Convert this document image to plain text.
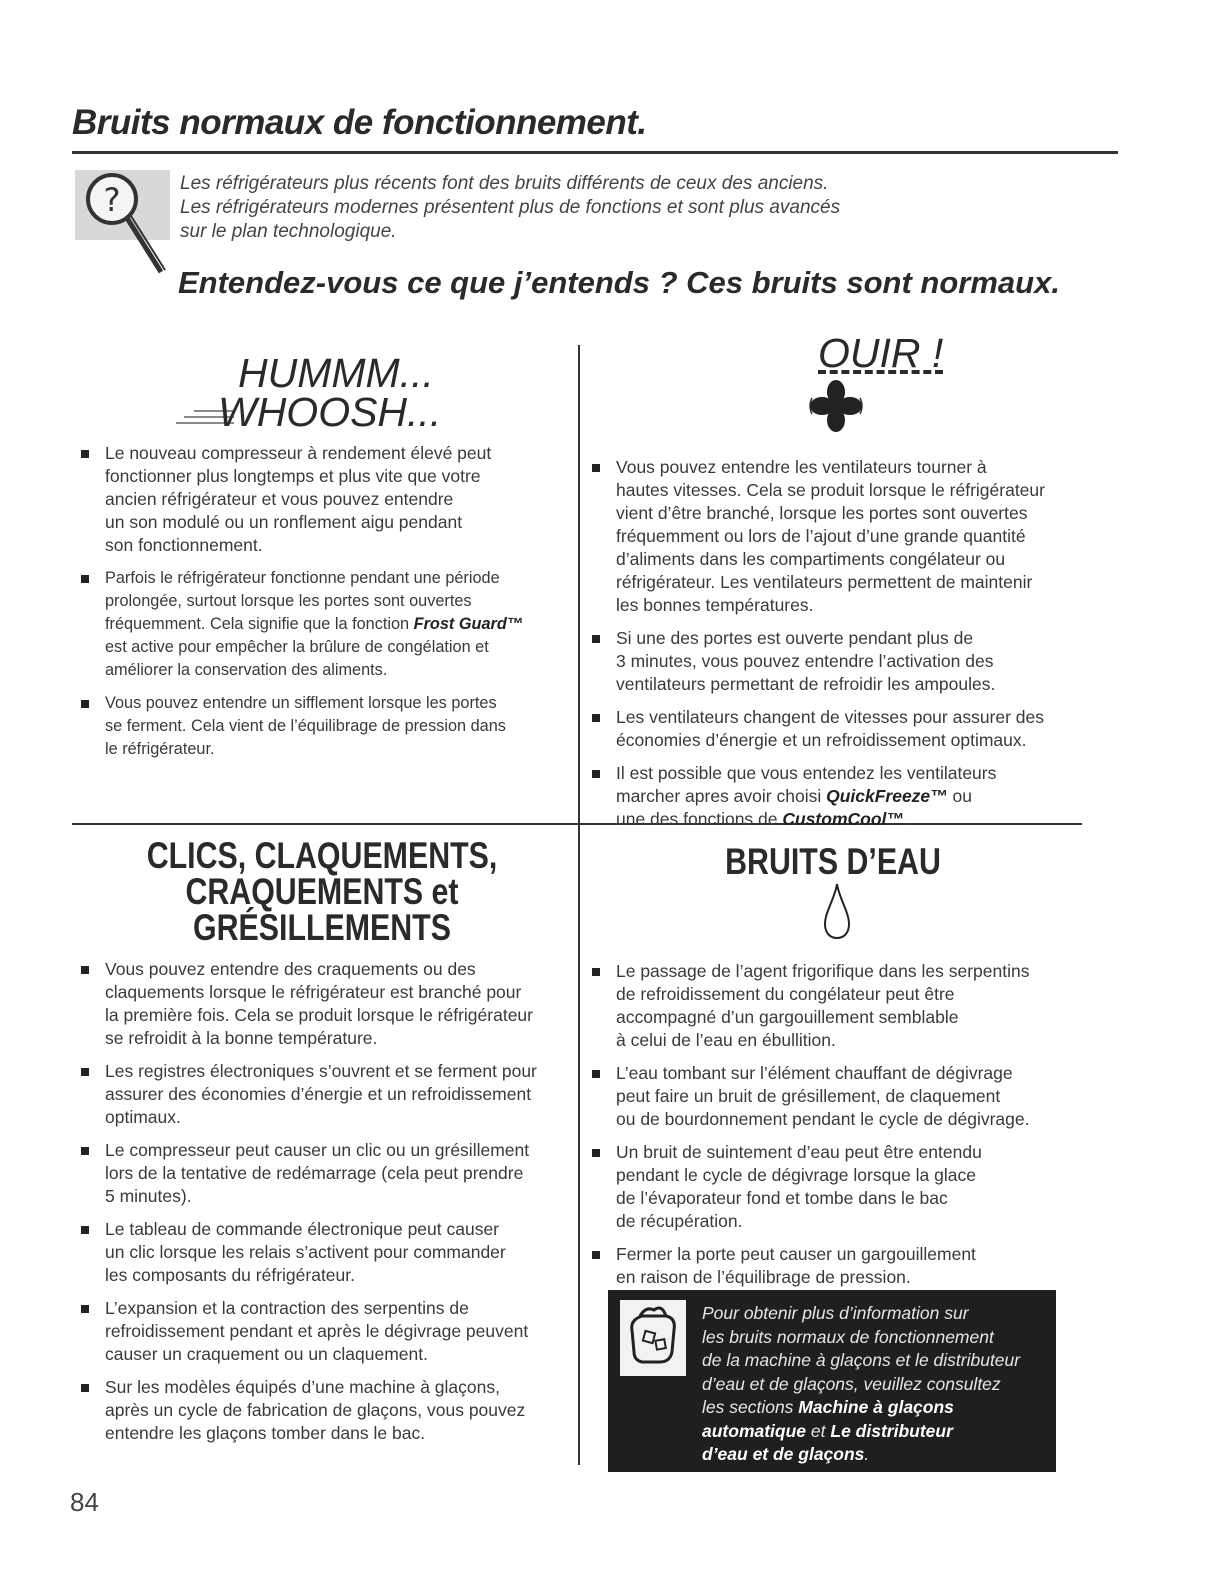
Bruits normaux de fonctionnement.
?	Les réfrigérateurs plus récents font des bruits différents de ceux des anciens.
Les réfrigérateurs modernes présentent plus de fonctions et sont plus avancés
sur le plan technologique.
Entendez-vous ce que j’entends ? Ces bruits sont normaux.
HUMMM...
WHOOSH...
Le nouveau compresseur à rendement élevé peut
fonctionner plus longtemps et plus vite que votre
ancien réfrigérateur et vous pouvez entendre
un son modulé ou un ronflement aigu pendant
son fonctionnement.
Parfois le réfrigérateur fonctionne pendant une période
prolongée, surtout lorsque les portes sont ouvertes
fréquemment. Cela signifie que la fonction Frost Guard™
est active pour empêcher la brûlure de congélation et
améliorer la conservation des aliments.
Vous pouvez entendre un sifflement lorsque les portes
se ferment. Cela vient de l’équilibrage de pression dans
le réfrigérateur.
OUIR !
Vous pouvez entendre les ventilateurs tourner à
hautes vitesses. Cela se produit lorsque le réfrigérateur
vient d’être branché, lorsque les portes sont ouvertes
fréquemment ou lors de l’ajout d’une grande quantité
d’aliments dans les compartiments congélateur ou
réfrigérateur. Les ventilateurs permettent de maintenir
les bonnes températures.
Si une des portes est ouverte pendant plus de
3 minutes, vous pouvez entendre l’activation des
ventilateurs permettant de refroidir les ampoules.
Les ventilateurs changent de vitesses pour assurer des
économies d’énergie et un refroidissement optimaux.
Il est possible que vous entendez les ventilateurs
marcher apres avoir choisi QuickFreeze™ ou
une des fonctions de CustomCool™.
CLICS, CLAQUEMENTS,
CRAQUEMENTS et
GRÉSILLEMENTS
Vous pouvez entendre des craquements ou des
claquements lorsque le réfrigérateur est branché pour
la première fois. Cela se produit lorsque le réfrigérateur
se refroidit à la bonne température.
Les registres électroniques s’ouvrent et se ferment pour
assurer des économies d’énergie et un refroidissement
optimaux.
Le compresseur peut causer un clic ou un grésillement
lors de la tentative de redémarrage (cela peut prendre
5 minutes).
Le tableau de commande électronique peut causer
un clic lorsque les relais s’activent pour commander
les composants du réfrigérateur.
L’expansion et la contraction des serpentins de
refroidissement pendant et après le dégivrage peuvent
causer un craquement ou un claquement.
Sur les modèles équipés d’une machine à glaçons,
après un cycle de fabrication de glaçons, vous pouvez
entendre les glaçons tomber dans le bac.
BRUITS D’EAU
Le passage de l’agent frigorifique dans les serpentins
de refroidissement du congélateur peut être
accompagné d’un gargouillement semblable
à celui de l’eau en ébullition.
L’eau tombant sur l’élément chauffant de dégivrage
peut faire un bruit de grésillement, de claquement
ou de bourdonnement pendant le cycle de dégivrage.
Un bruit de suintement d’eau peut être entendu
pendant le cycle de dégivrage lorsque la glace
de l’évaporateur fond et tombe dans le bac
de récupération.
Fermer la porte peut causer un gargouillement
en raison de l’équilibrage de pression.
Pour obtenir plus d’information sur
les bruits normaux de fonctionnement
de la machine à glaçons et le distributeur
d’eau et de glaçons, veuillez consultez
les sections Machine à glaçons
automatique et Le distributeur
d’eau et de glaçons.
84
